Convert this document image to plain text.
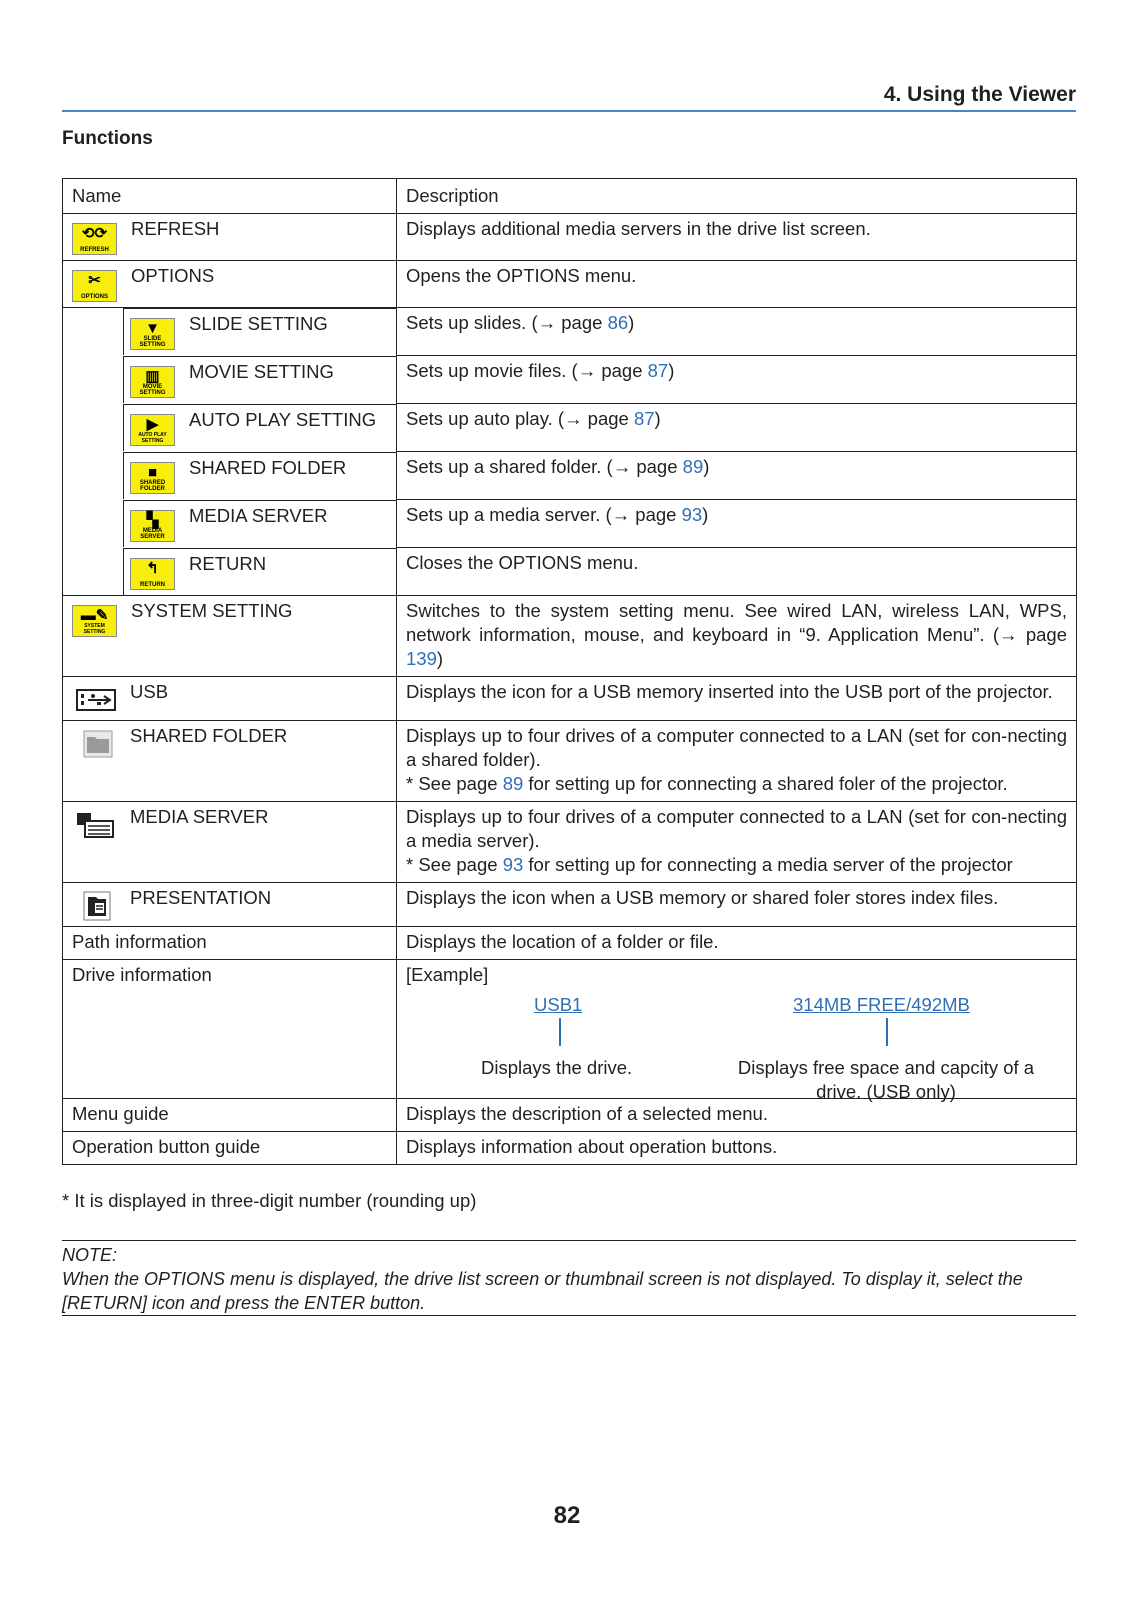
4. Using the Viewer
Functions
Name	Description

⟲⟳
REFRESH
REFRESH	Displays additional media servers in the drive list screen.

✂
OPTIONS
OPTIONS	Opens the OPTIONS menu.

▼
SLIDE SETTING
SLIDE SETTING	Sets up slides. (→ page 86)

▥
MOVIE SETTING
MOVIE SETTING	Sets up movie files. (→ page 87)

▶
AUTO PLAY SETTING
AUTO PLAY SETTING	Sets up auto play. (→ page 87)

■
SHARED FOLDER
SHARED FOLDER	Sets up a shared folder. (→ page 89)

▚
MEDIA SERVER
MEDIA SERVER	Sets up a media server. (→ page 93)

↰
RETURN
RETURN	Closes the OPTIONS menu.

▬✎
SYSTEM SETTING
SYSTEM SETTING	Switches to the system setting menu. See wired LAN, wireless LAN, WPS, network information, mouse, and keyboard in “9. Application Menu”. (→ page 139)

USB	Displays the icon for a USB memory inserted into the USB port of the projector.

SHARED FOLDER	Displays up to four drives of a computer connected to a LAN (set for con-necting a shared folder).
* See page 89 for setting up for connecting a shared foler of the projector.

MEDIA SERVER	Displays up to four drives of a computer connected to a LAN (set for con-necting a media server).
* See page 93 for setting up for connecting a media server of the projector

PRESENTATION	Displays the icon when a USB memory or shared foler stores index files.
Path information	Displays the location of a folder or file.
Drive information	[Example]
USB1 314MB FREE/492MB
Displays the drive. Displays free space and capcity of a drive. (USB only)

Menu guide	Displays the description of a selected menu.
Operation button guide	Displays information about operation buttons.
* It is displayed in three-digit number (rounding up)
NOTE:
When the OPTIONS menu is displayed, the drive list screen or thumbnail screen is not displayed. To display it, select the [RETURN] icon and press the ENTER button.
82
